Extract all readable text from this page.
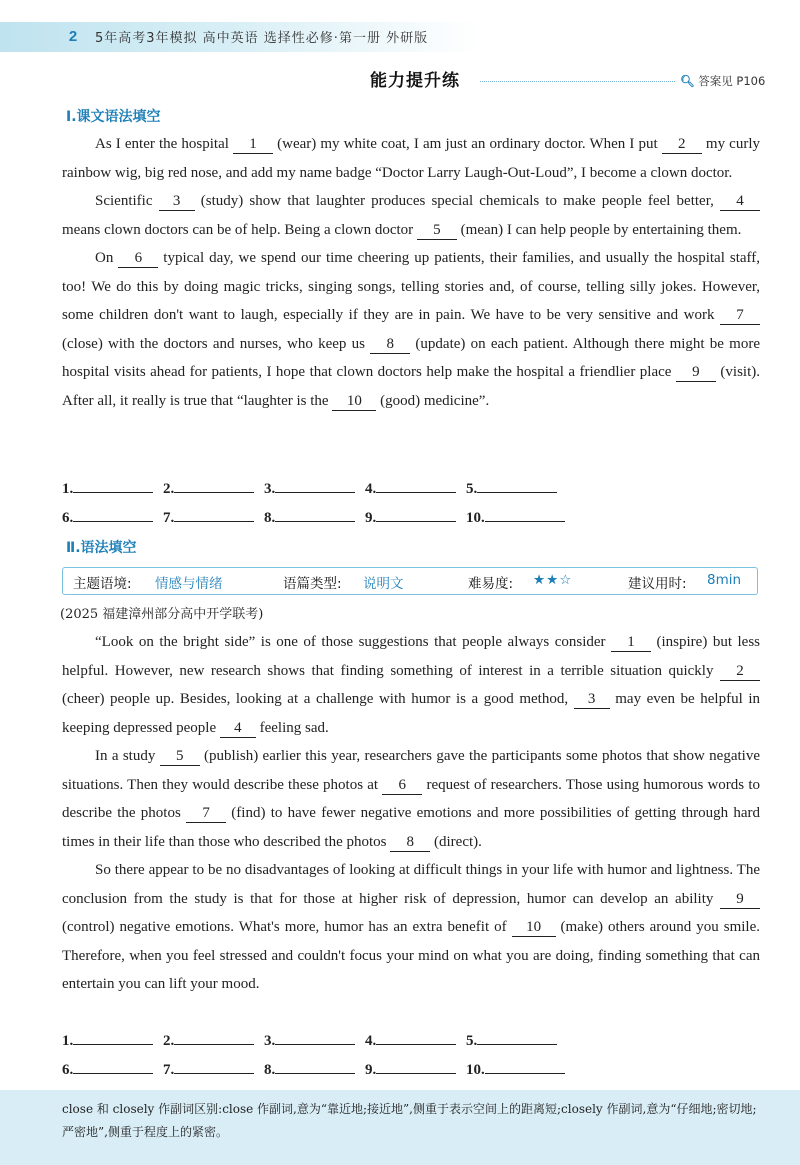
2	5年高考3年模拟 高中英语 选择性必修·第一册 外研版
能力提升练	🔍︎ 答案见 P106
Ⅰ.课文语法填空

As I enter the hospital 1 (wear) my white coat, I am just an ordinary doctor. When I put 2 my curly rainbow wig, big red nose, and add my name badge “Doctor Larry Laugh-Out-Loud”, I become a clown doctor.

Scientific 3 (study) show that laughter produces special chemicals to make people feel better, 4 means clown doctors can be of help. Being a clown doctor 5 (mean) I can help people by entertaining them.

On 6 typical day, we spend our time cheering up patients, their families, and usually the hospital staff, too! We do this by doing magic tricks, singing songs, telling stories and, of course, telling silly jokes. However, some children don't want to laugh, especially if they are in pain. We have to be very sensitive and work 7 (close) with the doctors and nurses, who keep us 8 (update) on each patient. Although there might be more hospital visits ahead for patients, I hope that clown doctors help make the hospital a friendlier place 9 (visit). After all, it really is true that “laughter is the 10 (good) medicine”.

1.	2.	3.	4.	5.
6.	7.	8.	9.	10.
Ⅱ.语法填空
主题语境: 情感与情绪	语篇类型: 说明文	难易度: ★★☆	建议用时: 8min
(2025 福建漳州部分高中开学联考)

“Look on the bright side” is one of those suggestions that people always consider 1 (inspire) but less helpful. However, new research shows that finding something of interest in a terrible situation quickly 2 (cheer) people up. Besides, looking at a challenge with humor is a good method, 3 may even be helpful in keeping depressed people 4 feeling sad.

In a study 5 (publish) earlier this year, researchers gave the participants some photos that show negative situations. Then they would describe these photos at 6 request of researchers. Those using humorous words to describe the photos 7 (find) to have fewer negative emotions and more possibilities of getting through hard times in their life than those who described the photos 8 (direct).

So there appear to be no disadvantages of looking at difficult things in your life with humor and lightness. The conclusion from the study is that for those at higher risk of depression, humor can develop an ability 9 (control) negative emotions. What's more, humor has an extra benefit of 10 (make) others around you smile. Therefore, when you feel stressed and couldn't focus your mind on what you are doing, finding something that can entertain you can lift your mood.

1.	2.	3.	4.	5.
6.	7.	8.	9.	10.
close 和 closely 作副词区别:close 作副词,意为“靠近地;接近地”,侧重于表示空间上的距离短;closely 作副词,意为“仔细地;密切地;严密地”,侧重于程度上的紧密。
